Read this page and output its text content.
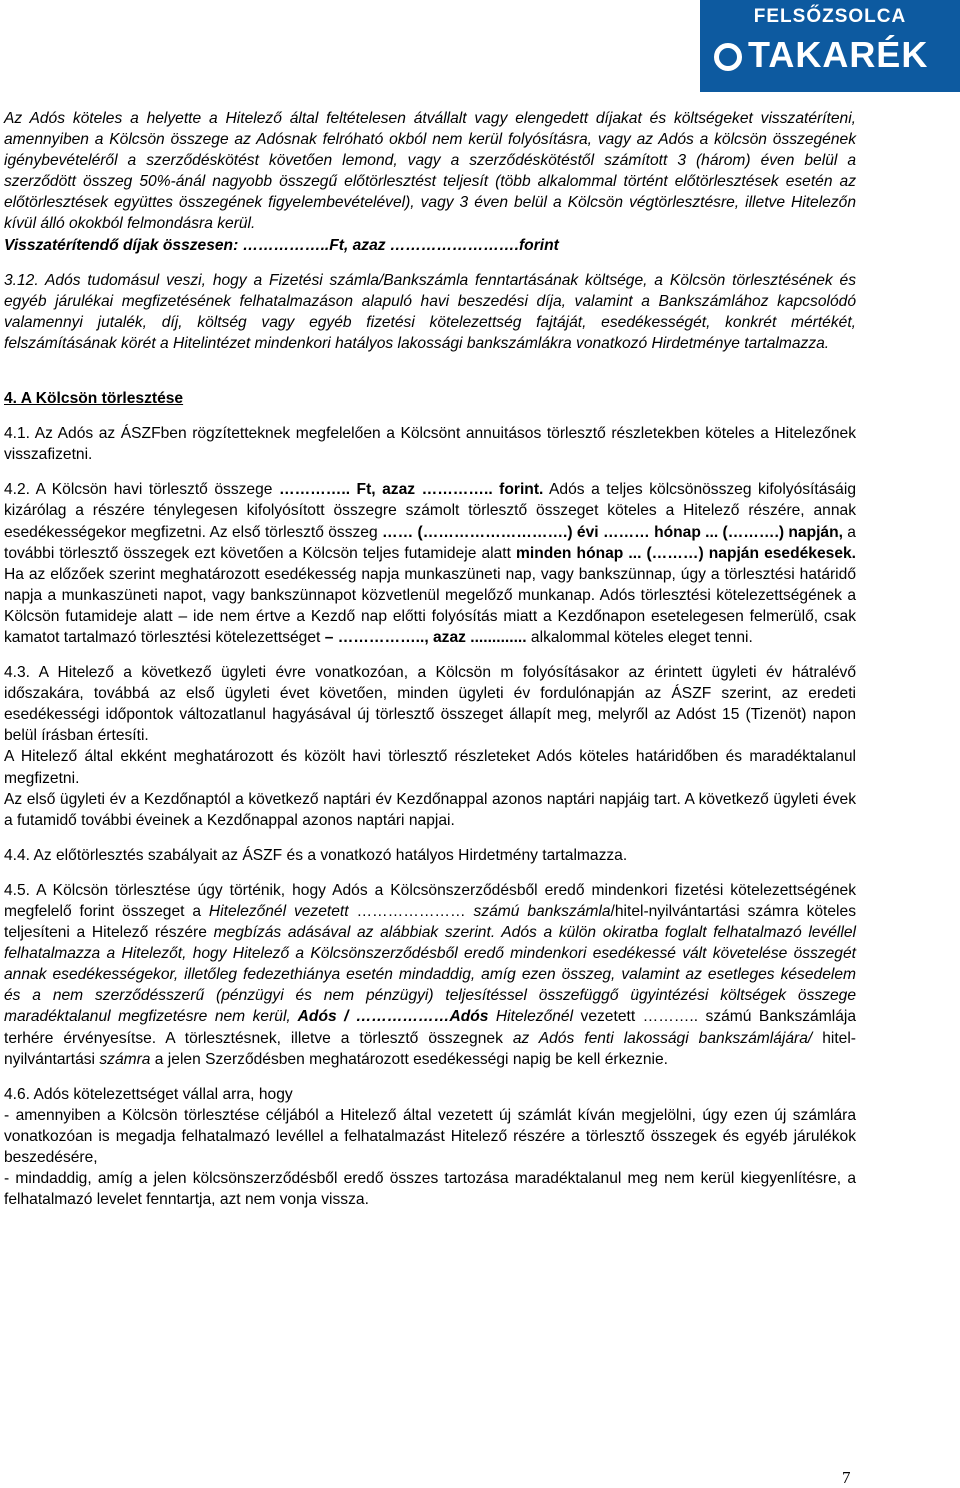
FELSŐZSOLCA
TAKARÉK

Az Adós köteles a helyette a Hitelező által feltételesen átvállalt vagy elengedett díjakat és költségeket visszatéríteni, amennyiben a Kölcsön összege az Adósnak felróható okból nem kerül folyósításra, vagy az Adós a kölcsön összegének igénybevételéről a szerződéskötést követően lemond, vagy a szerződéskötéstől számított 3 (három) éven belül a szerződött összeg 50%-ánál nagyobb összegű előtörlesztést teljesít (több alkalommal történt előtörlesztések esetén az előtörlesztések együttes összegének figyelembevételével), vagy 3 éven belül a Kölcsön végtörlesztésre, illetve Hitelezőn kívül álló okokból felmondásra kerül.

Visszatérítendő díjak összesen: ……………..Ft, azaz …………………….forint

3.12. Adós tudomásul veszi, hogy a Fizetési számla/Bankszámla fenntartásának költsége, a Kölcsön törlesztésének és egyéb járulékai megfizetésének felhatalmazáson alapuló havi beszedési díja, valamint a Bankszámlához kapcsolódó valamennyi jutalék, díj, költség vagy egyéb fizetési kötelezettség fajtáját, esedékességét, konkrét mértékét, felszámításának körét a Hitelintézet mindenkori hatályos lakossági bankszámlákra vonatkozó Hirdetménye tartalmazza.

4. A Kölcsön törlesztése

4.1. Az Adós az ÁSZFben rögzítetteknek megfelelően a Kölcsönt annuitásos törlesztő részletekben köteles a Hitelezőnek visszafizetni.

4.2. A Kölcsön havi törlesztő összege ………….. Ft, azaz ………….. forint. Adós a teljes kölcsönösszeg kifolyósításáig kizárólag a részére ténylegesen kifolyósított összegre számolt törlesztő összeget köteles a Hitelező részére, annak esedékességekor megfizetni. Az első törlesztő összeg …… (……………………….) évi ……… hónap ... (……….) napján, a további törlesztő összegek ezt követően a Kölcsön teljes futamideje alatt minden hónap ... (………) napján esedékesek. Ha az előzőek szerint meghatározott esedékesség napja munkaszüneti nap, vagy bankszünnap, úgy a törlesztési határidő napja a munkaszüneti napot, vagy bankszünnapot közvetlenül megelőző munkanap. Adós törlesztési kötelezettségének a Kölcsön futamideje alatt – ide nem értve a Kezdő nap előtti folyósítás miatt a Kezdőnapon esetelegesen felmerülő, csak kamatot tartalmazó törlesztési kötelezettséget – …………….., azaz ............. alkalommal köteles eleget tenni.

4.3. A Hitelező a következő ügyleti évre vonatkozóan, a Kölcsön m folyósításakor az érintett ügyleti év hátralévő időszakára, továbbá az első ügyleti évet követően, minden ügyleti év fordulónapján az ÁSZF szerint, az eredeti esedékességi időpontok változatlanul hagyásával új törlesztő összeget állapít meg, melyről az Adóst 15 (Tizenöt) napon belül írásban értesíti.

A Hitelező által ekként meghatározott és közölt havi törlesztő részleteket Adós köteles határidőben és maradéktalanul megfizetni.

Az első ügyleti év a Kezdőnaptól a következő naptári év Kezdőnappal azonos naptári napjáig tart. A következő ügyleti évek a futamidő további éveinek a Kezdőnappal azonos naptári napjai.

4.4. Az előtörlesztés szabályait az ÁSZF és a vonatkozó hatályos Hirdetmény tartalmazza.

4.5. A Kölcsön törlesztése úgy történik, hogy Adós a Kölcsönszerződésből eredő mindenkori fizetési kötelezettségének megfelelő forint összeget a Hitelezőnél vezetett ………………… számú bankszámla/hitel-nyilvántartási számra köteles teljesíteni a Hitelező részére megbízás adásával az alábbiak szerint. Adós a külön okiratba foglalt felhatalmazó levéllel felhatalmazza a Hitelezőt, hogy Hitelező a Kölcsönszerződésből eredő mindenkori esedékessé vált követelése összegét annak esedékességekor, illetőleg fedezethiánya esetén mindaddig, amíg ezen összeg, valamint az esetleges késedelem és a nem szerződésszerű (pénzügyi és nem pénzügyi) teljesítéssel összefüggő ügyintézési költségek összege maradéktalanul megfizetésre nem kerül, Adós / ………………Adós Hitelezőnél vezetett ……….. számú Bankszámlája terhére érvényesítse. A törlesztésnek, illetve a törlesztő összegnek az Adós fenti lakossági bankszámlájára/ hitel-nyilvántartási számra a jelen Szerződésben meghatározott esedékességi napig be kell érkeznie.

4.6. Adós kötelezettséget vállal arra, hogy

- amennyiben a Kölcsön törlesztése céljából a Hitelező által vezetett új számlát kíván megjelölni, úgy ezen új számlára vonatkozóan is megadja felhatalmazó levéllel a felhatalmazást Hitelező részére a törlesztő összegek és egyéb járulékok beszedésére,

- mindaddig, amíg a jelen kölcsönszerződésből eredő összes tartozása maradéktalanul meg nem kerül kiegyenlítésre, a felhatalmazó levelet fenntartja, azt nem vonja vissza.

7
